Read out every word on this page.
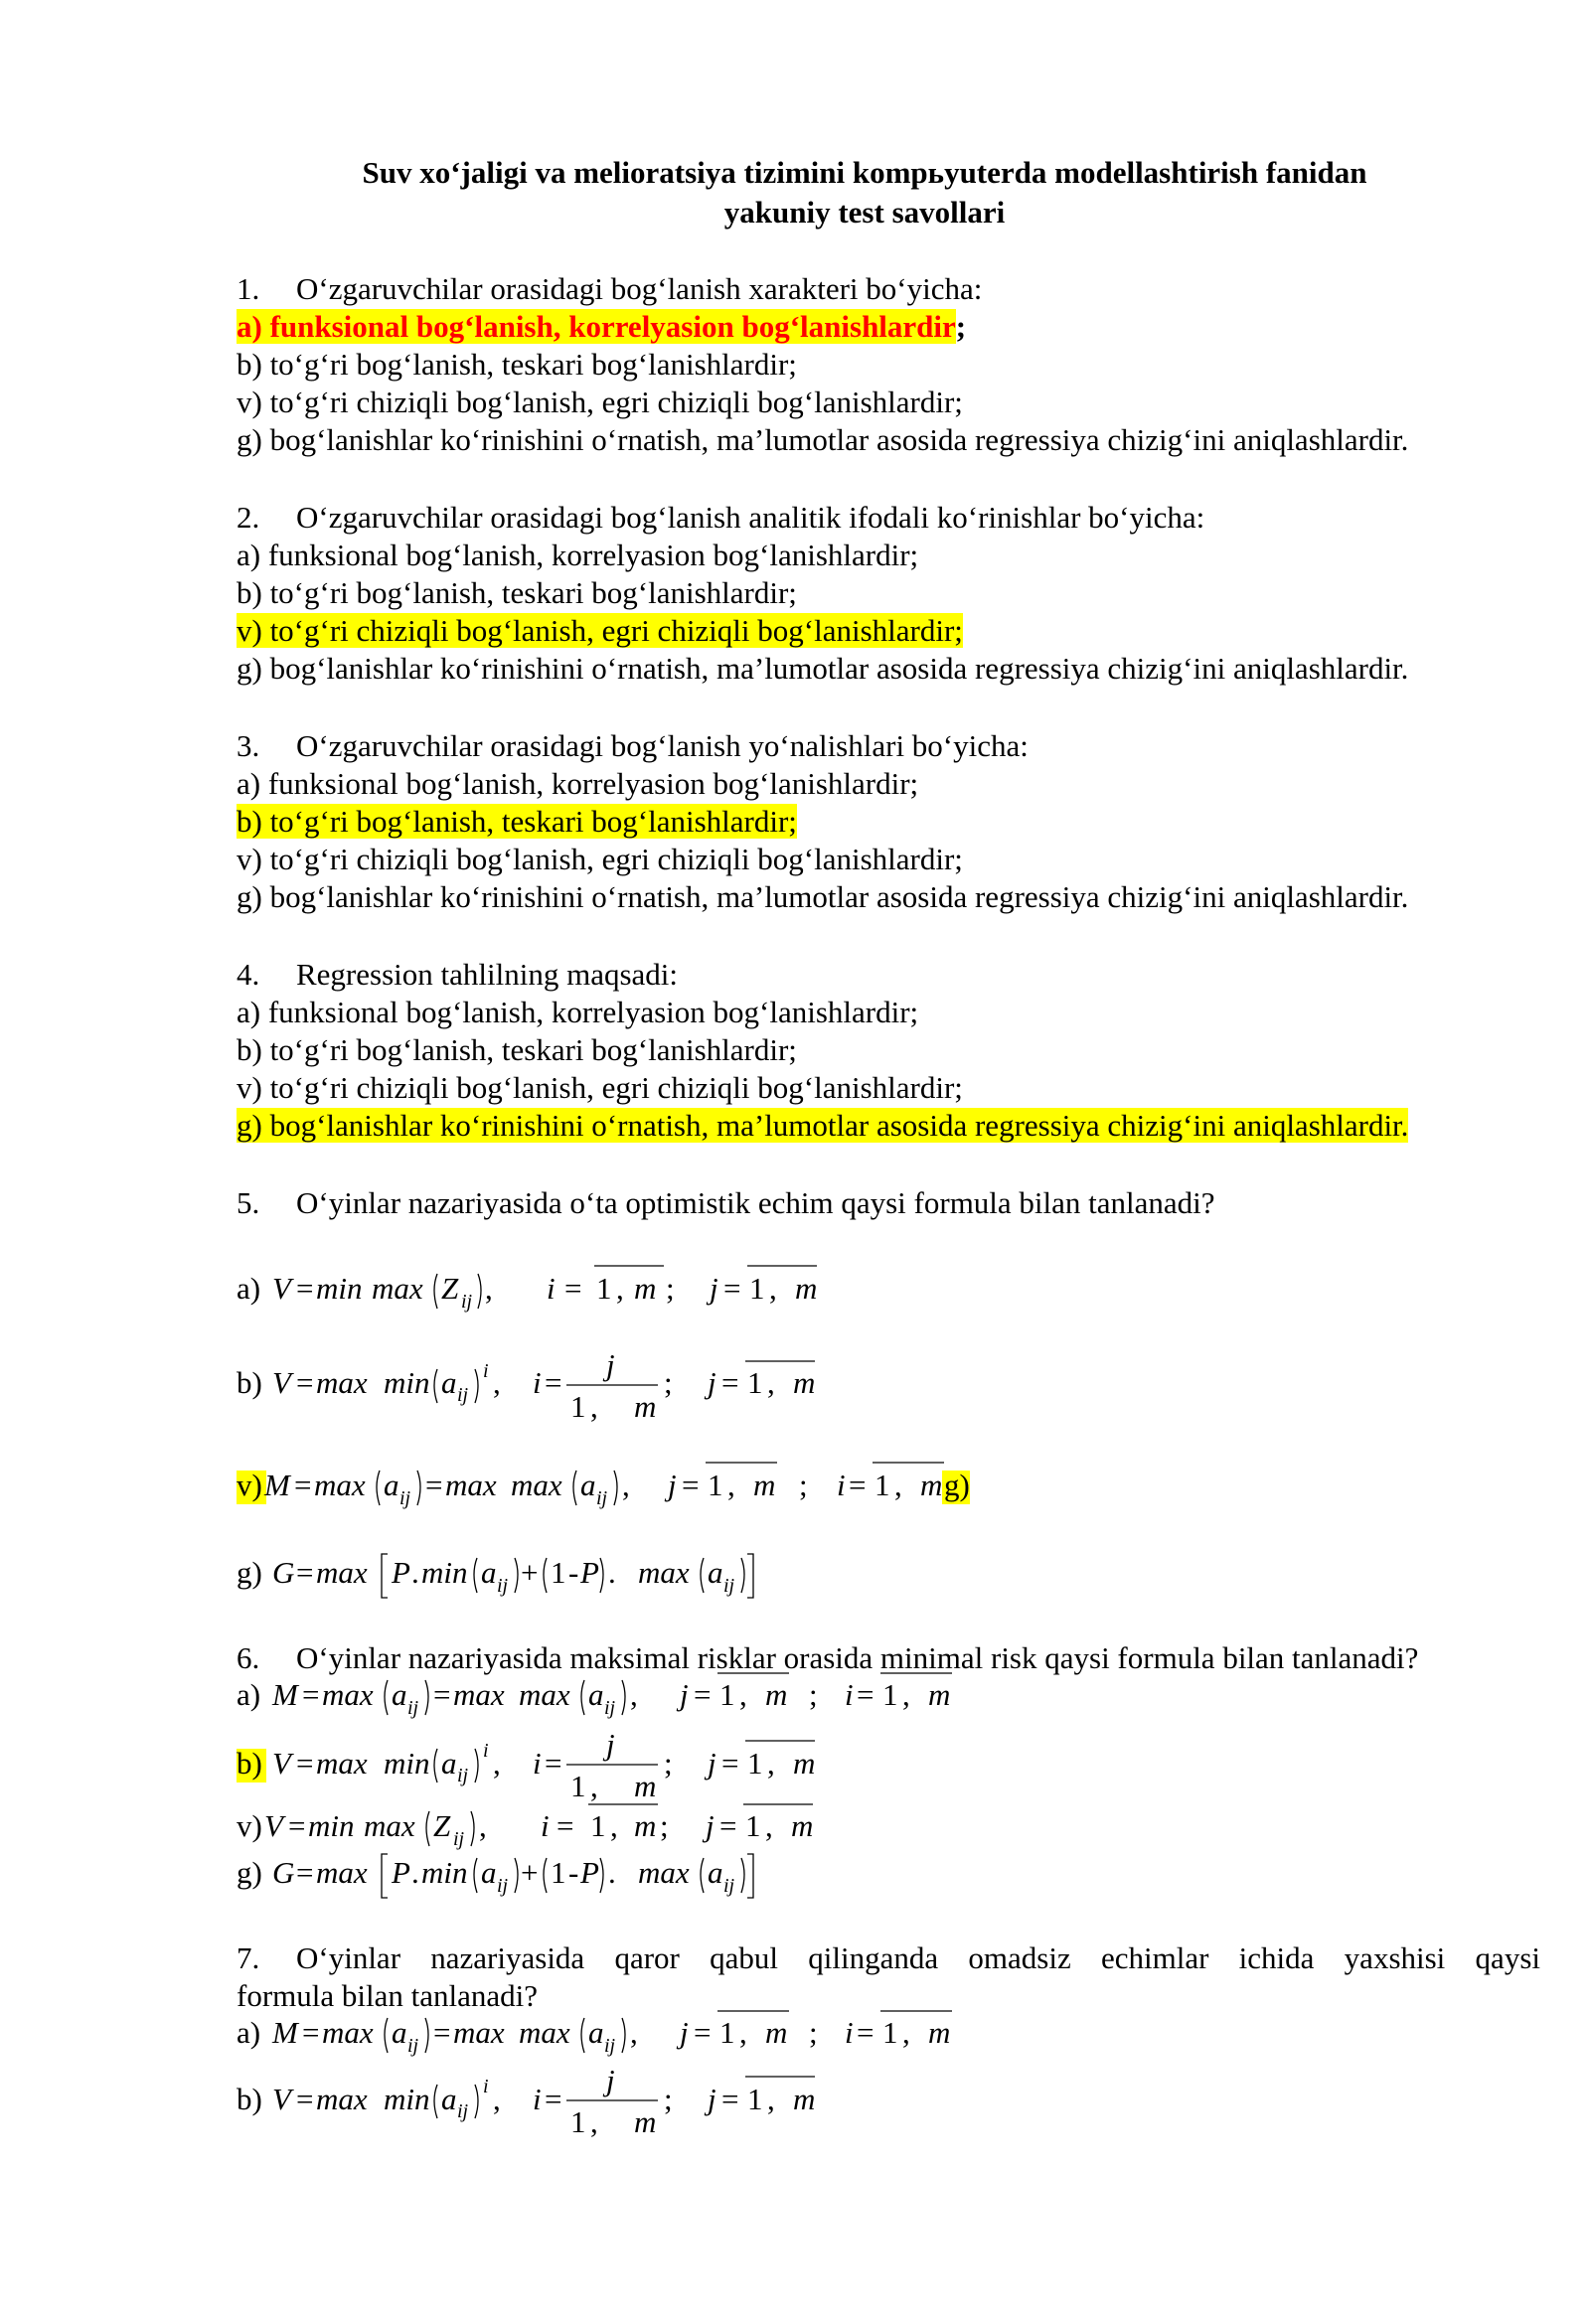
Suv xo‘jaligi va melioratsiya tizimini kompьyuterda modellashtirish fanidan
yakuniy test savollari
1. O‘zgaruvchilar orasidagi bog‘lanish xarakteri bo‘yicha:
a) funksional bog‘lanish, korrelyasion bog‘lanishlardir;
b) to‘g‘ri bog‘lanish, teskari bog‘lanishlardir;
v) to‘g‘ri chiziqli bog‘lanish, egri chiziqli bog‘lanishlardir;
g) bog‘lanishlar ko‘rinishini o‘rnatish, ma’lumotlar asosida regressiya chizig‘ini aniqlashlardir.
2. O‘zgaruvchilar orasidagi bog‘lanish analitik ifodali ko‘rinishlar bo‘yicha:
a) funksional bog‘lanish, korrelyasion bog‘lanishlardir;
b) to‘g‘ri bog‘lanish, teskari bog‘lanishlardir;
v) to‘g‘ri chiziqli bog‘lanish, egri chiziqli bog‘lanishlardir;
g) bog‘lanishlar ko‘rinishini o‘rnatish, ma’lumotlar asosida regressiya chizig‘ini aniqlashlardir.
3. O‘zgaruvchilar orasidagi bog‘lanish yo‘nalishlari bo‘yicha:
a) funksional bog‘lanish, korrelyasion bog‘lanishlardir;
b) to‘g‘ri bog‘lanish, teskari bog‘lanishlardir;
v) to‘g‘ri chiziqli bog‘lanish, egri chiziqli bog‘lanishlardir;
g) bog‘lanishlar ko‘rinishini o‘rnatish, ma’lumotlar asosida regressiya chizig‘ini aniqlashlardir.
4. Regression tahlilning maqsadi:
a) funksional bog‘lanish, korrelyasion bog‘lanishlardir;
b) to‘g‘ri bog‘lanish, teskari bog‘lanishlardir;
v) to‘g‘ri chiziqli bog‘lanish, egri chiziqli bog‘lanishlardir;
g) bog‘lanishlar ko‘rinishini o‘rnatish, ma’lumotlar asosida regressiya chizig‘ini aniqlashlardir.
5. O‘yinlar nazariyasida o‘ta optimistik echim qaysi formula bilan tanlanadi?
a) V = min max Z ij , i = 1 , m ; j = 1 , m
b) V = max min a ij
i , i =
j
1 , m
; j = 1 , m
v) M = max a ij = max max a ij , j = 1 , m ; i = 1 , m g)
g) G = max P . min a ij + 1 - P . max a ij
6. O‘yinlar nazariyasida maksimal risklar orasida minimal risk qaysi formula bilan tanlanadi?
a) M = max a ij = max max a ij , j = 1 , m ; i = 1 , m
b) V = max min a ij
i , i =
j
1 , m
; j = 1 , m
v) V = min max Z ij , i = 1 , m ; j = 1 , m
g) G = max P . min a ij + 1 - P . max a ij
7. O‘yinlar nazariyasida qaror qabul qilinganda omadsiz echimlar ichida yaxshisi qaysi
formula bilan tanlanadi?
a) M = max a ij = max max a ij , j = 1 , m ; i = 1 , m
b) V = max min a ij
i , i =
j
1 , m
; j = 1 , m
